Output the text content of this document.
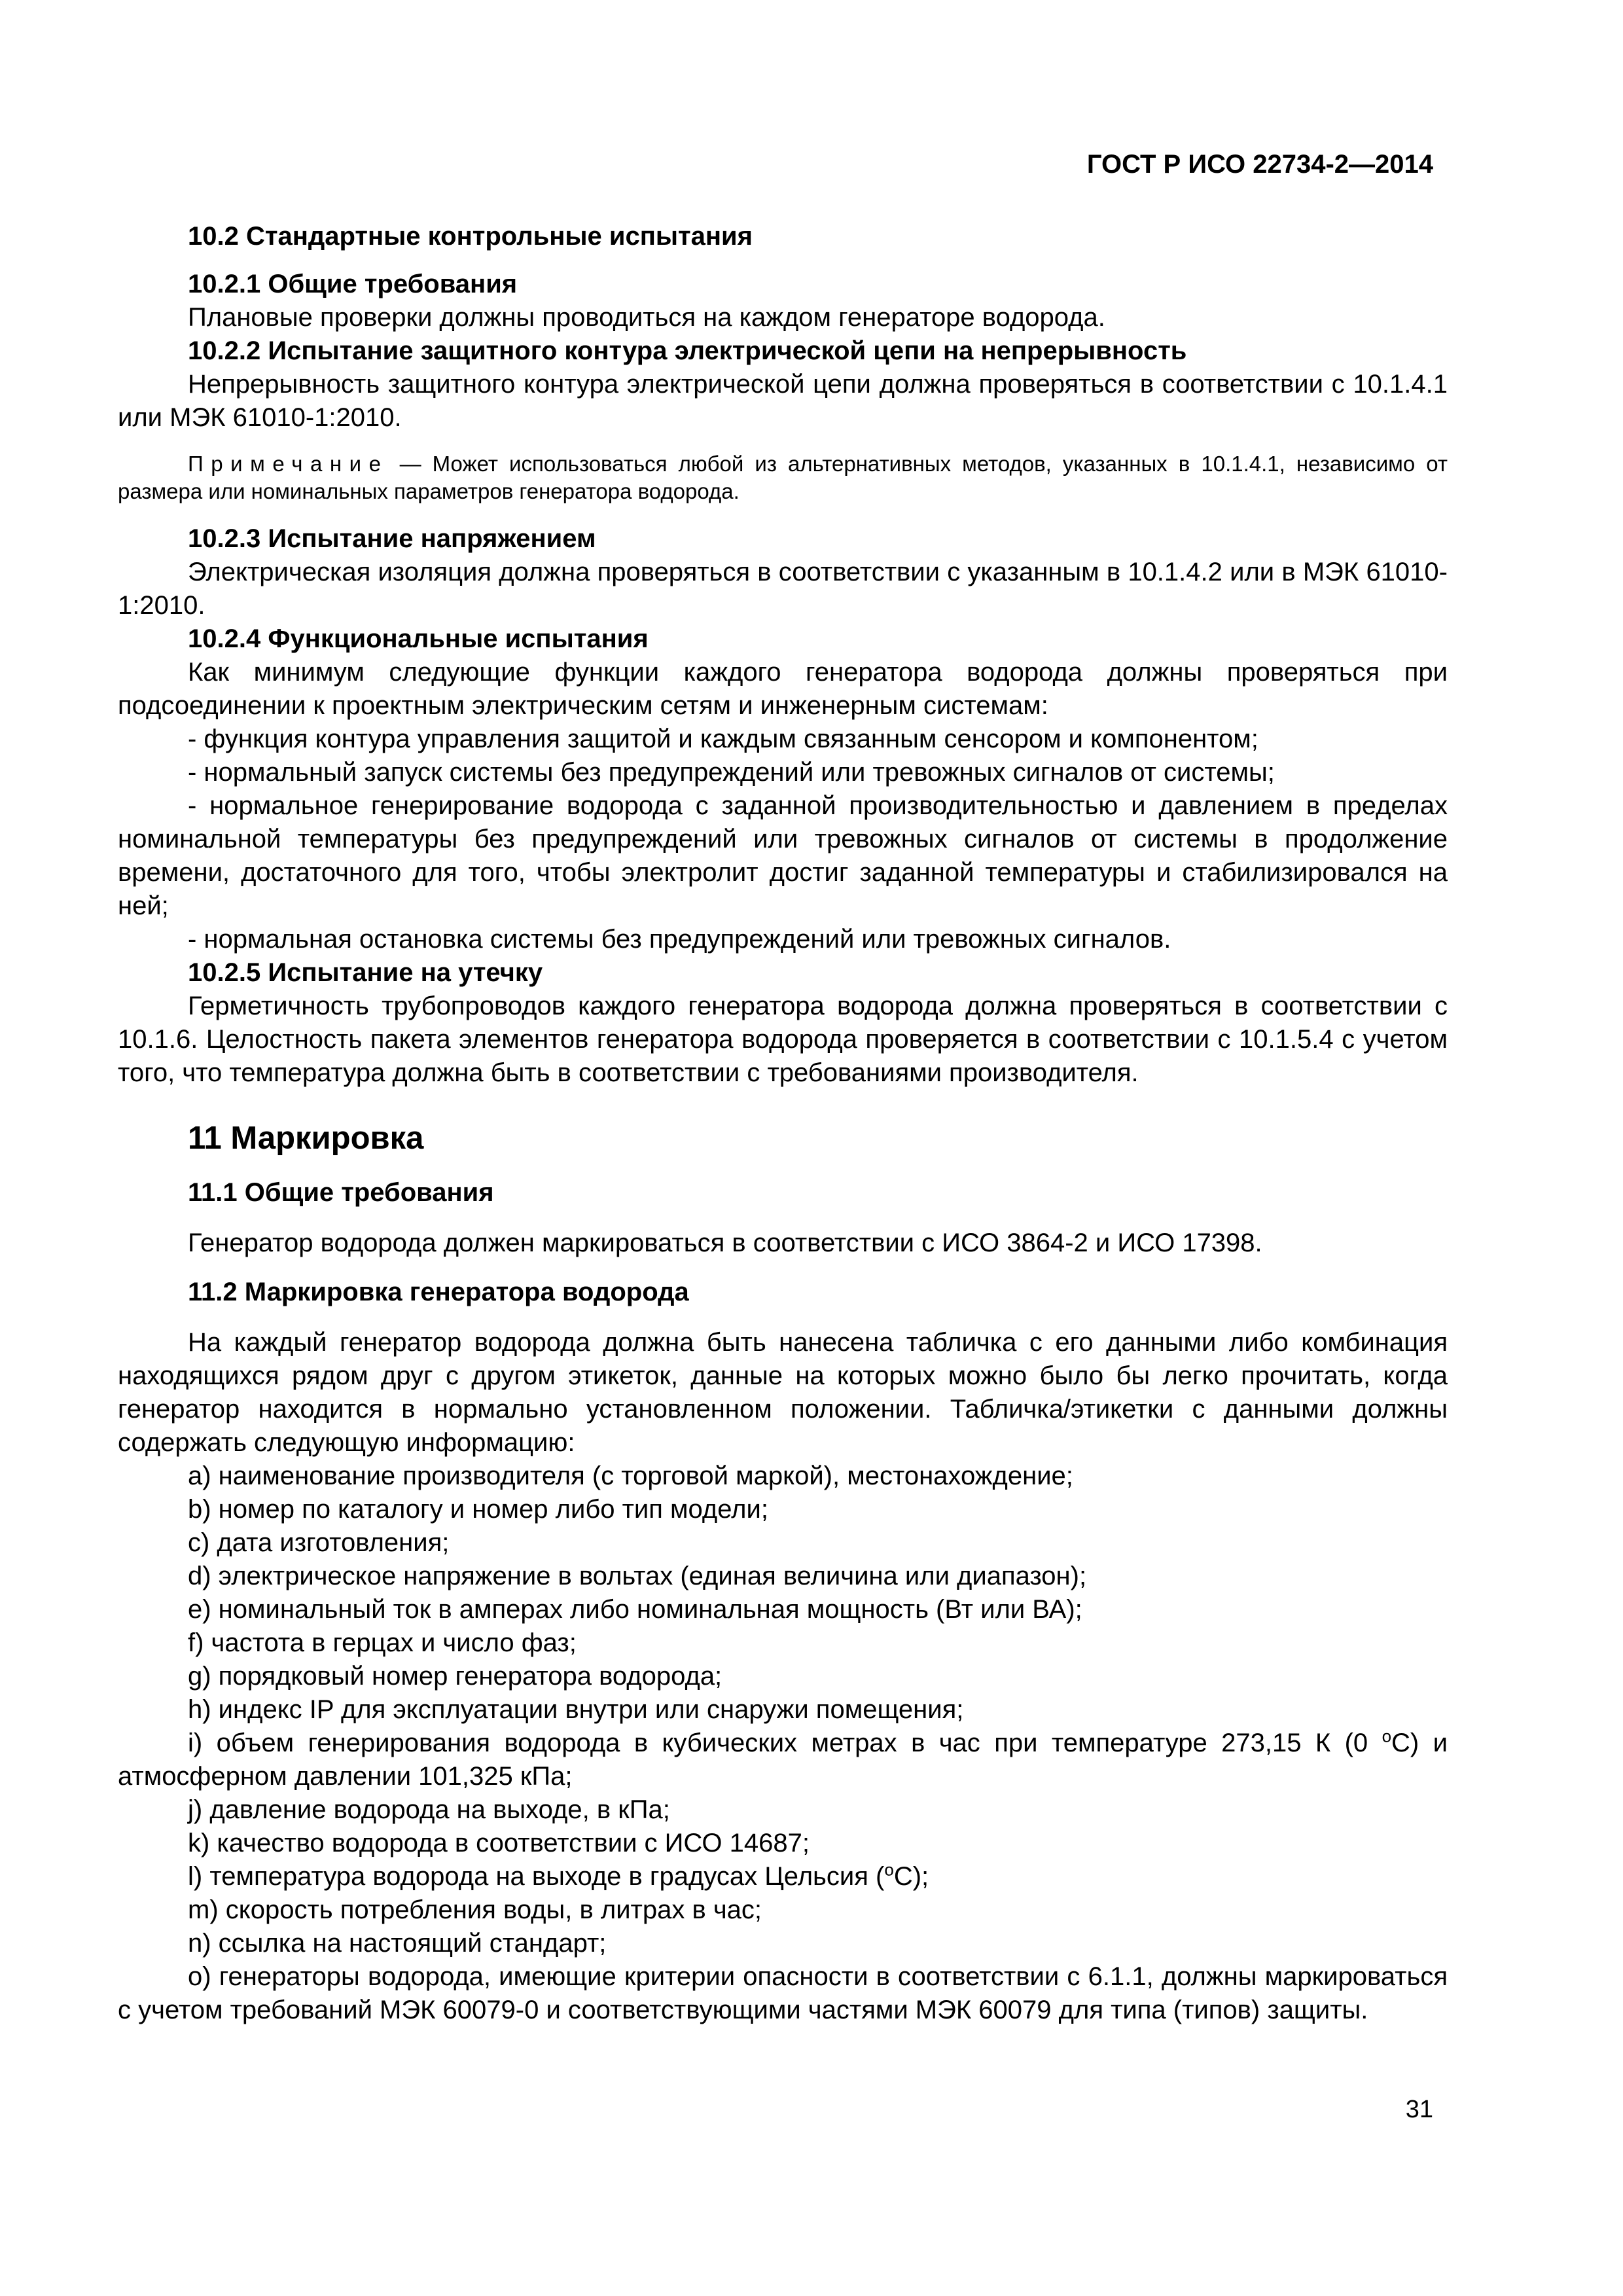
ГОСТ Р ИСО 22734-2—2014

10.2 Стандартные контрольные испытания

10.2.1 Общие требования

Плановые проверки должны проводиться на каждом генераторе водорода.

10.2.2 Испытание защитного контура электрической цепи на непрерывность

Непрерывность защитного контура электрической цепи должна проверяться в соответствии с 10.1.4.1 или МЭК 61010-1:2010.

Примечание — Может использоваться любой из альтернативных методов, указанных в 10.1.4.1, независимо от размера или номинальных параметров генератора водорода.

10.2.3 Испытание напряжением

Электрическая изоляция должна проверяться в соответствии с указанным в 10.1.4.2 или в МЭК 61010-1:2010.

10.2.4 Функциональные испытания

Как минимум следующие функции каждого генератора водорода должны проверяться при подсоединении к проектным электрическим сетям и инженерным системам:

- функция контура управления защитой и каждым связанным сенсором и компонентом;

- нормальный запуск системы без предупреждений или тревожных сигналов от системы;

- нормальное генерирование водорода с заданной производительностью и давлением в пределах номинальной температуры без предупреждений или тревожных сигналов от системы в продолжение времени, достаточного для того, чтобы электролит достиг заданной температуры и стабилизировался на ней;

- нормальная остановка системы без предупреждений или тревожных сигналов.

10.2.5 Испытание на утечку

Герметичность трубопроводов каждого генератора водорода должна проверяться в соответствии с 10.1.6. Целостность пакета элементов генератора водорода проверяется в соответствии с 10.1.5.4 с учетом того, что температура должна быть в соответствии с требованиями производителя.

11 Маркировка

11.1 Общие требования

Генератор водорода должен маркироваться в соответствии с ИСО 3864-2 и ИСО 17398.

11.2 Маркировка генератора водорода

На каждый генератор водорода должна быть нанесена табличка с его данными либо комбинация находящихся рядом друг с другом этикеток, данные на которых можно было бы легко прочитать, когда генератор находится в нормально установленном положении. Табличка/этикетки с данными должны содержать следующую информацию:

a) наименование производителя (с торговой маркой), местонахождение;

b) номер по каталогу и номер либо тип модели;

c) дата изготовления;

d) электрическое напряжение в вольтах (единая величина или диапазон);

e) номинальный ток в амперах либо номинальная мощность (Вт или ВА);

f) частота в герцах и число фаз;

g) порядковый номер генератора водорода;

h) индекс IP для эксплуатации внутри или снаружи помещения;

i) объем генерирования водорода в кубических метрах в час при температуре 273,15 К (0 $^o$C) и атмосферном давлении 101,325 кПа;

j) давление водорода на выходе, в кПа;

k) качество водорода в соответствии с ИСО 14687;

l) температура водорода на выходе в градусах Цельсия ($^o$C);

m) скорость потребления воды, в литрах в час;

n) ссылка на настоящий стандарт;

o) генераторы водорода, имеющие критерии опасности в соответствии с 6.1.1, должны маркироваться с учетом требований МЭК 60079-0 и соответствующими частями МЭК 60079 для типа (типов) защиты.

31
